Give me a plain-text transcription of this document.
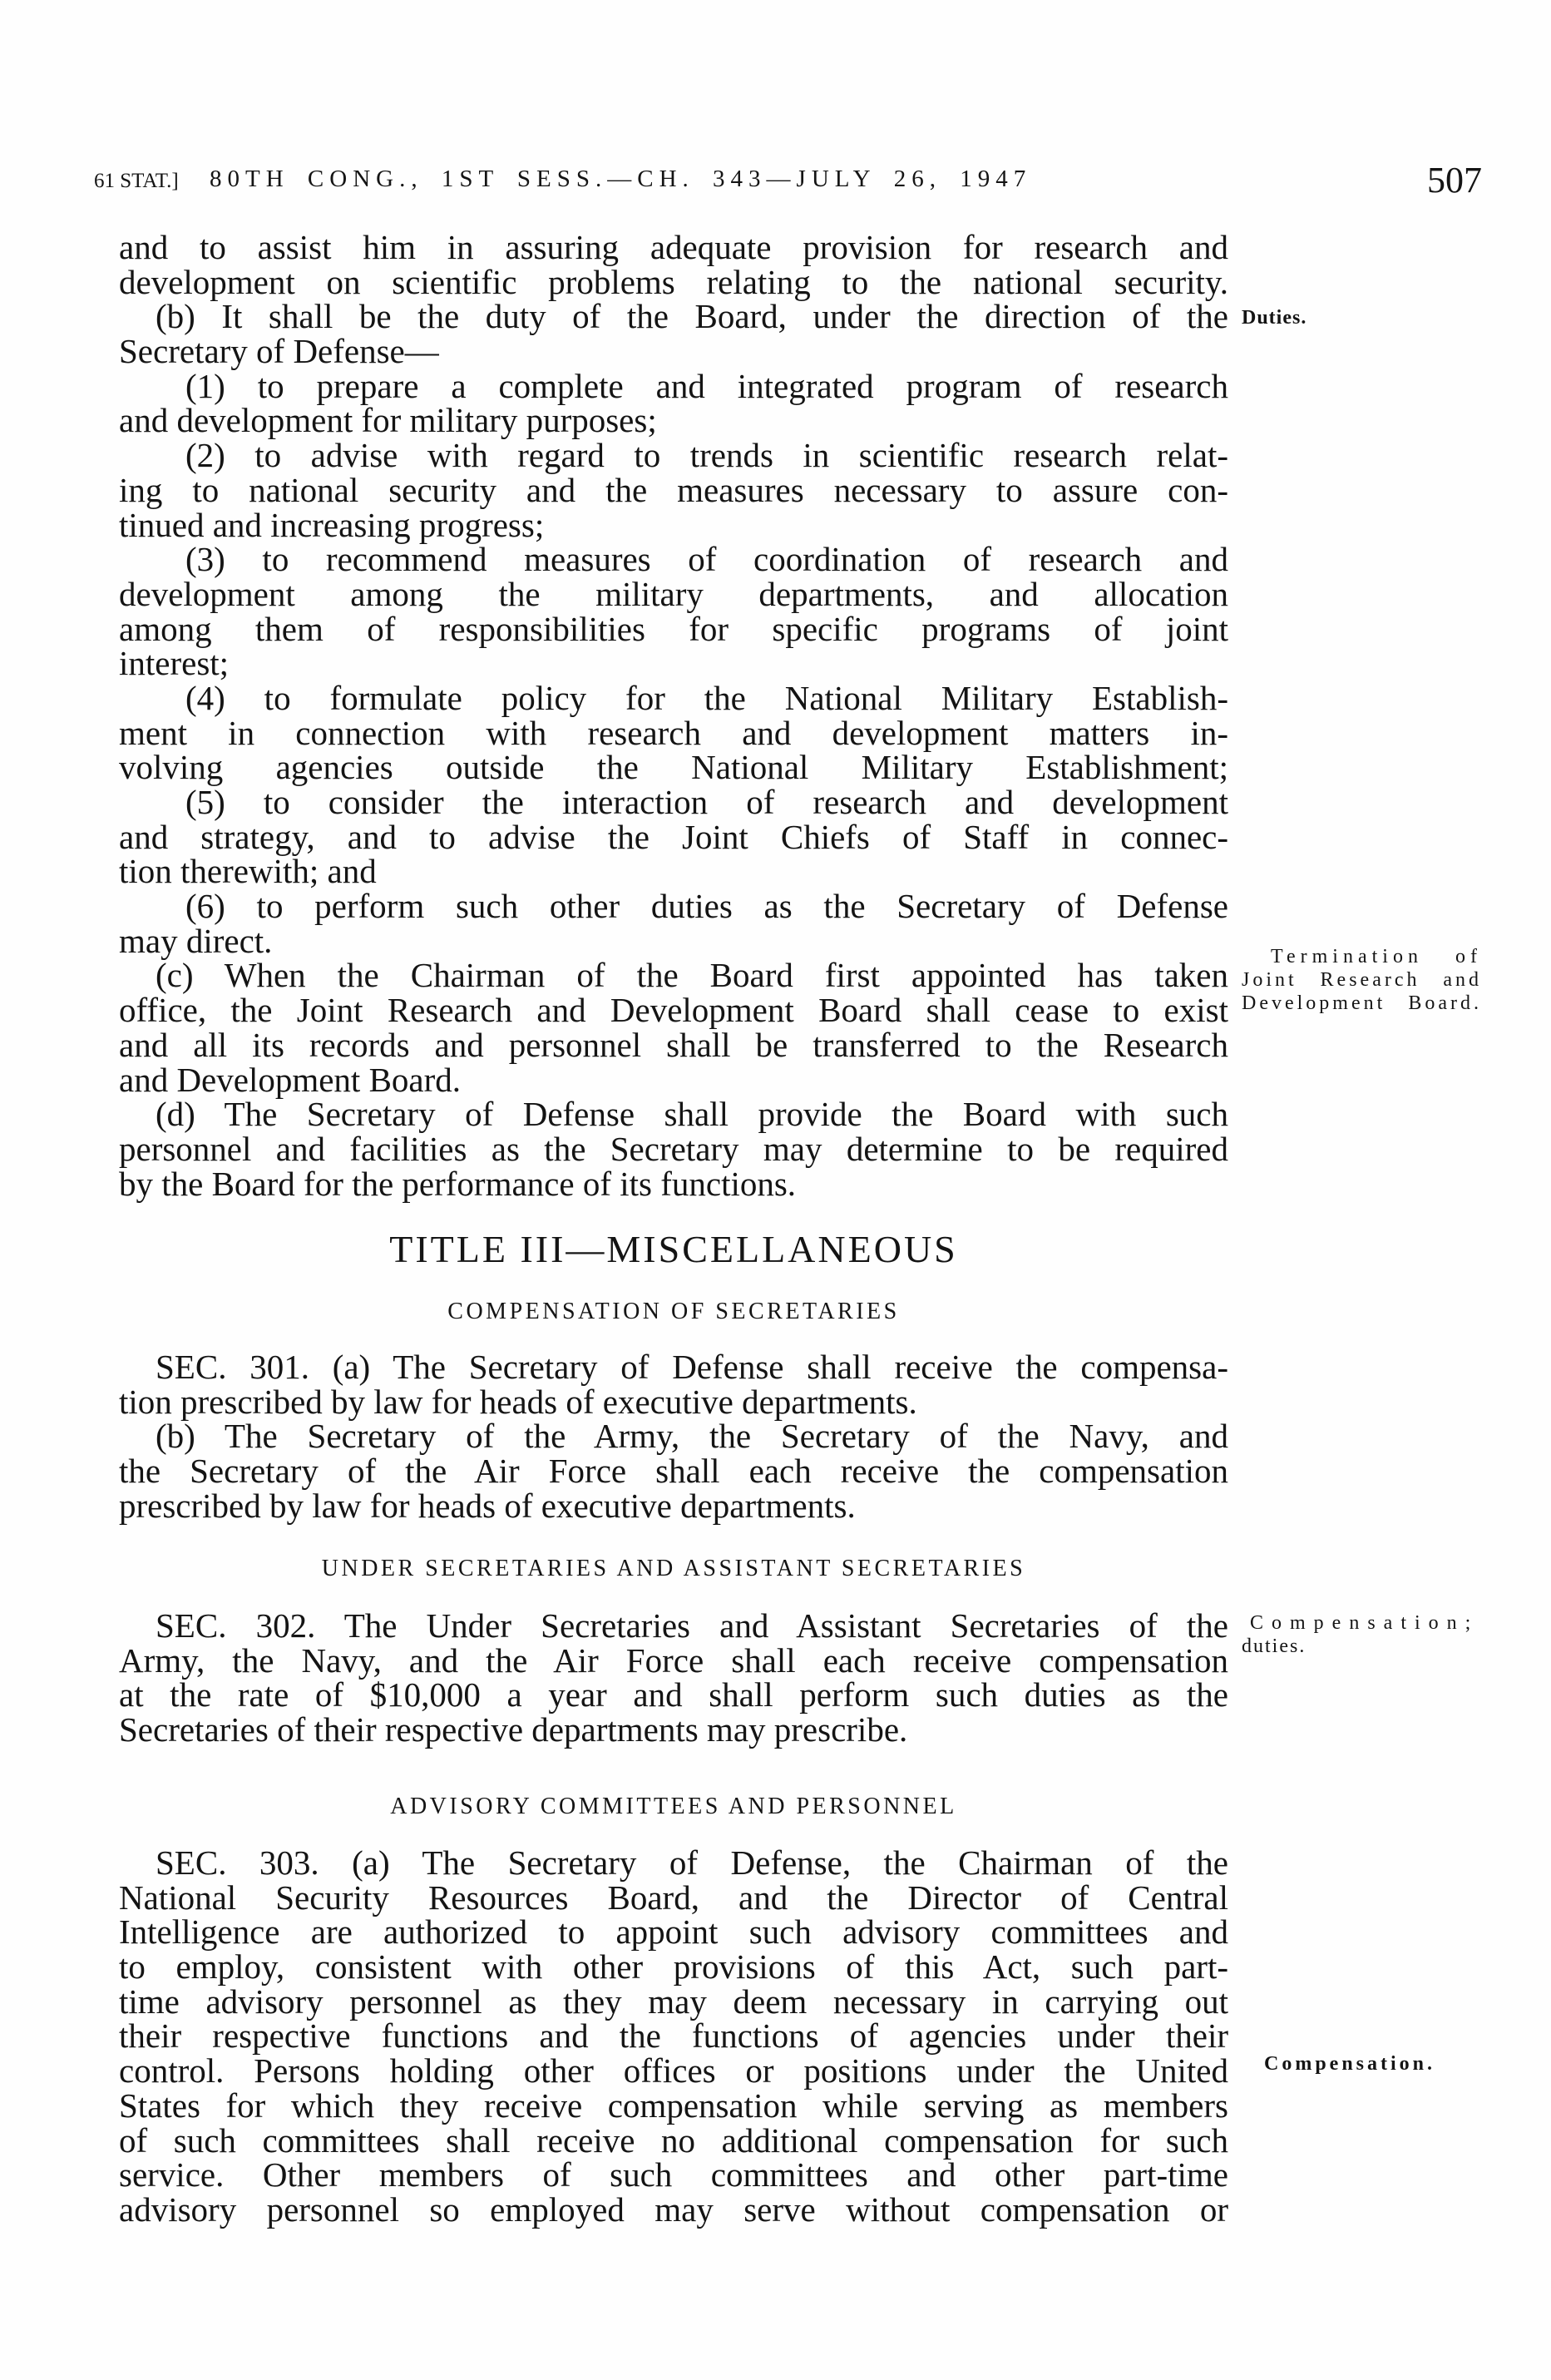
61 STAT.] 80TH CONG., 1ST SESS.—CH. 343—JULY 26, 1947	507
and to assist him in assuring adequate provision for research and
development on scientific problems relating to the national security.
(b) It shall be the duty of the Board, under the direction of the
Secretary of Defense—
(1) to prepare a complete and integrated program of research
and development for military purposes;
(2) to advise with regard to trends in scientific research relat-
ing to national security and the measures necessary to assure con-
tinued and increasing progress;
(3) to recommend measures of coordination of research and
development among the military departments, and allocation
among them of responsibilities for specific programs of joint
interest;
(4) to formulate policy for the National Military Establish-
ment in connection with research and development matters in-
volving agencies outside the National Military Establishment;
(5) to consider the interaction of research and development
and strategy, and to advise the Joint Chiefs of Staff in connec-
tion therewith; and
(6) to perform such other duties as the Secretary of Defense
may direct.
(c) When the Chairman of the Board first appointed has taken
office, the Joint Research and Development Board shall cease to exist
and all its records and personnel shall be transferred to the Research
and Development Board.
(d) The Secretary of Defense shall provide the Board with such
personnel and facilities as the Secretary may determine to be required
by the Board for the performance of its functions.
TITLE III—MISCELLANEOUS
COMPENSATION OF SECRETARIES
SEC. 301. (a) The Secretary of Defense shall receive the compensa-
tion prescribed by law for heads of executive departments.
(b) The Secretary of the Army, the Secretary of the Navy, and
the Secretary of the Air Force shall each receive the compensation
prescribed by law for heads of executive departments.
UNDER SECRETARIES AND ASSISTANT SECRETARIES
SEC. 302. The Under Secretaries and Assistant Secretaries of the
Army, the Navy, and the Air Force shall each receive compensation
at the rate of $10,000 a year and shall perform such duties as the
Secretaries of their respective departments may prescribe.
ADVISORY COMMITTEES AND PERSONNEL
SEC. 303. (a) The Secretary of Defense, the Chairman of the
National Security Resources Board, and the Director of Central
Intelligence are authorized to appoint such advisory committees and
to employ, consistent with other provisions of this Act, such part-
time advisory personnel as they may deem necessary in carrying out
their respective functions and the functions of agencies under their
control. Persons holding other offices or positions under the United
States for which they receive compensation while serving as members
of such committees shall receive no additional compensation for such
service. Other members of such committees and other part-time
advisory personnel so employed may serve without compensation or
Duties.
Termination of
Joint Research and
Development Board.
Compensation;
duties.
Compensation.
